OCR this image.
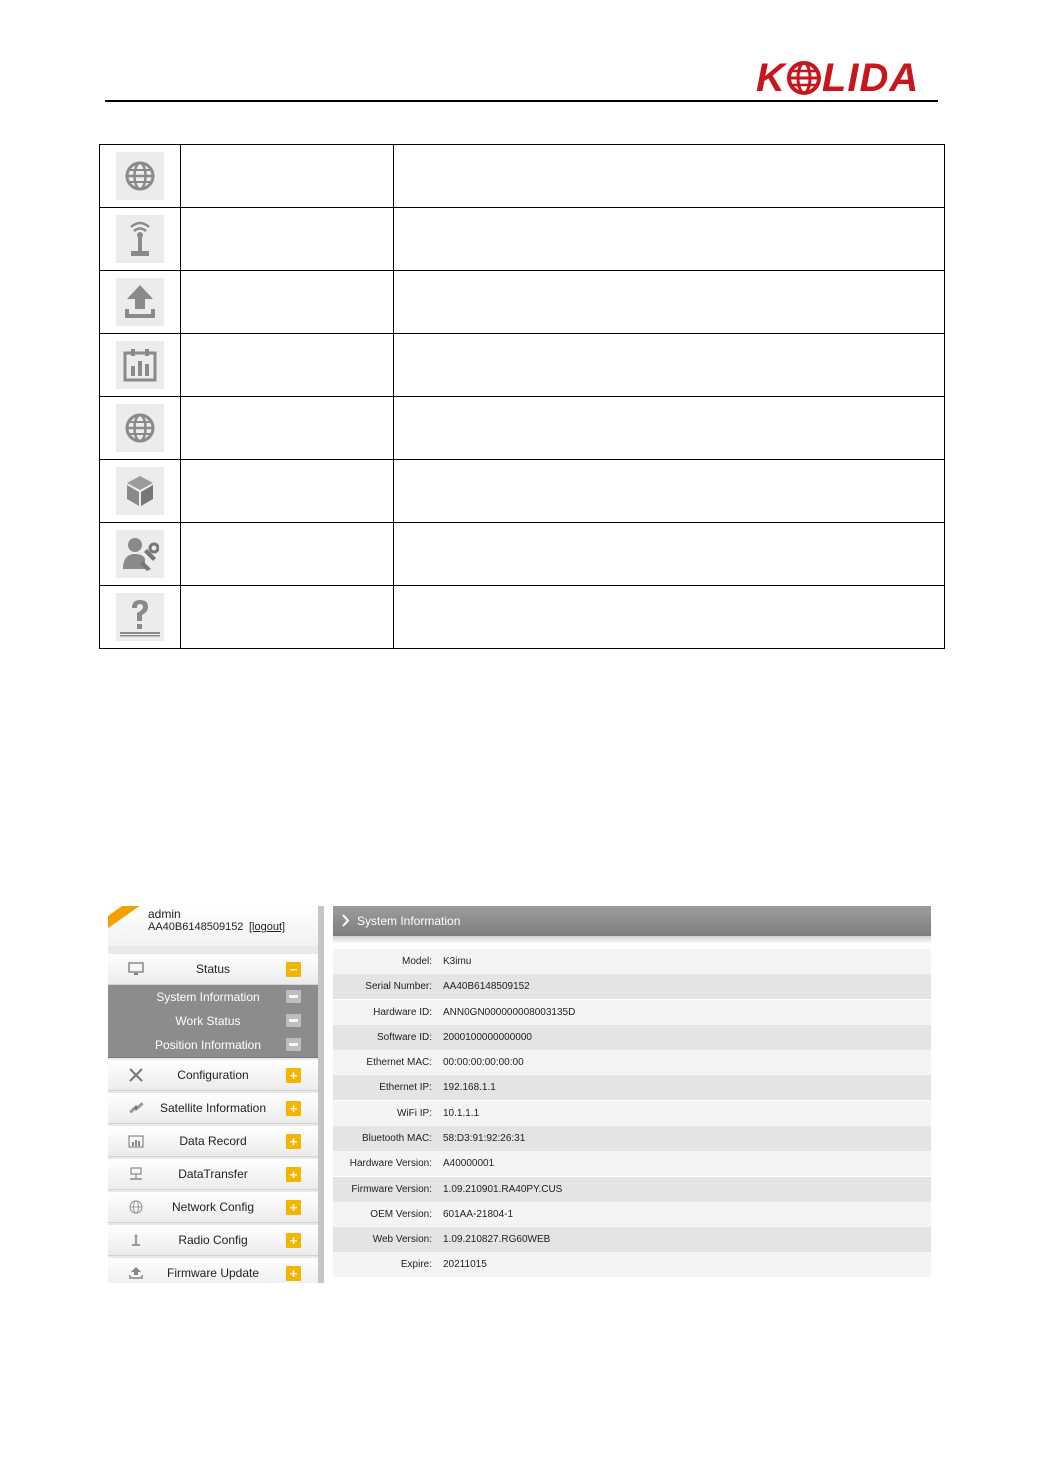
K LIDA

admin
AA40B6148509152 [logout]
Status	−
System Information
Work Status
Position Information
Configuration	+
Satellite Information	+
Data Record	+
DataTransfer	+
Network Config	+
Radio Config	+
Firmware Update	+
System Information
Model: K3imu
Serial Number: AA40B6148509152
Hardware ID: ANN0GN000000008003135D
Software ID: 2000100000000000
Ethernet MAC: 00:00:00:00:00:00
Ethernet IP: 192.168.1.1
WiFi IP: 10.1.1.1
Bluetooth MAC: 58:D3:91:92:26:31
Hardware Version: A40000001
Firmware Version: 1.09.210901.RA40PY.CUS
OEM Version: 601AA-21804-1
Web Version: 1.09.210827.RG60WEB
Expire: 20211015
